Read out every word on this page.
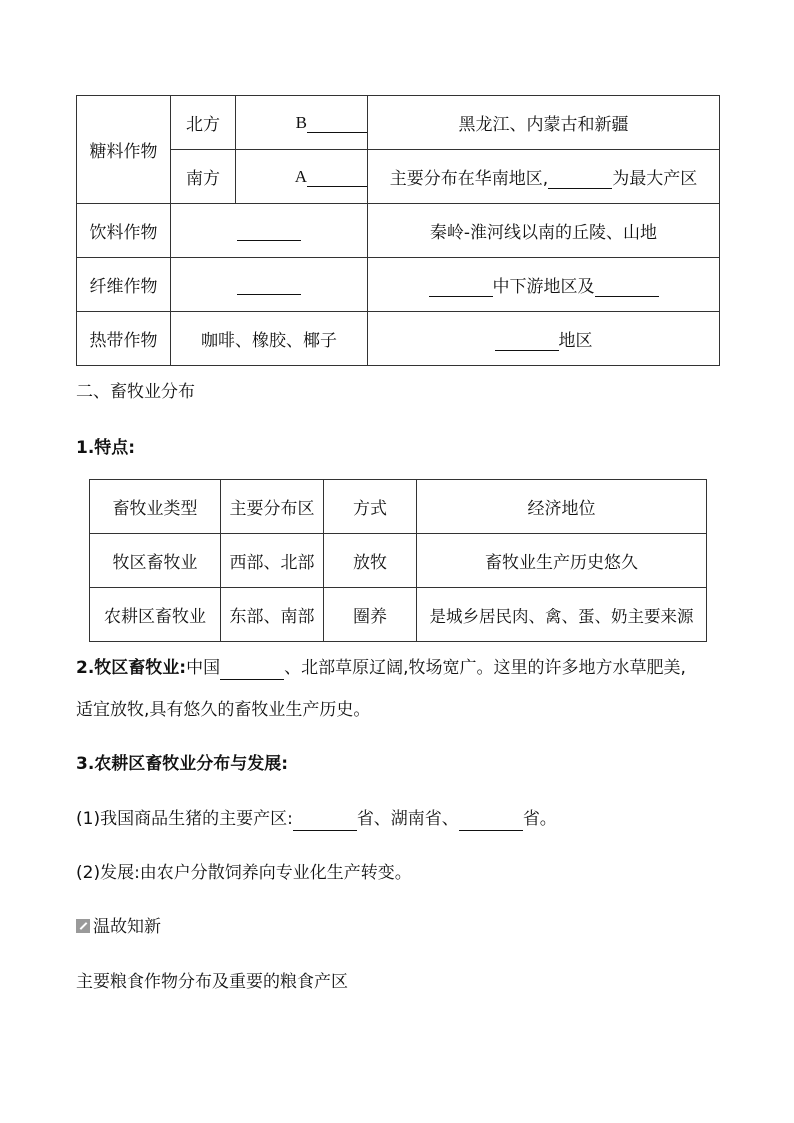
糖料作物	北方	B	黑龙江、内蒙古和新疆
	南方	A	主要分布在华南地区, 为最大产区
饮料作物			秦岭-淮河线以南的丘陵、山地
纤维作物			中下游地区及
热带作物	咖啡、橡胶、椰子		地区
二、畜牧业分布
1.特点:
畜牧业类型	主要分布区	方式	经济地位
牧区畜牧业	西部、北部	放牧	畜牧业生产历史悠久
农耕区畜牧业	东部、南部	圈养	是城乡居民肉、禽、蛋、奶主要来源
2.牧区畜牧业:中国	、北部草原辽阔,牧场宽广。这里的许多地方水草肥美,
适宜放牧,具有悠久的畜牧业生产历史。
3.农耕区畜牧业分布与发展:
(1)我国商品生猪的主要产区:	省、湖南省、	省。
(2)发展:由农户分散饲养向专业化生产转变。
温故知新
主要粮食作物分布及重要的粮食产区
